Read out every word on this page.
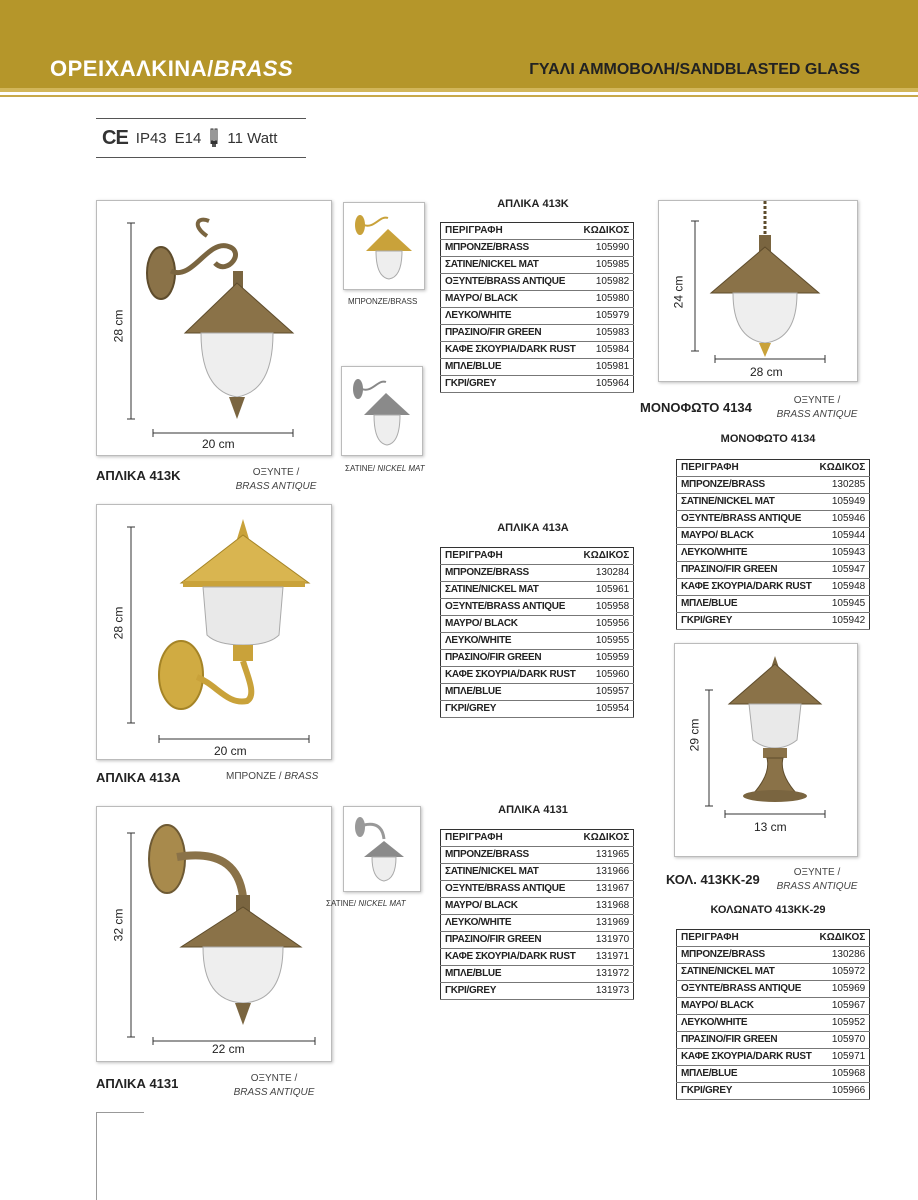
ΟΡΕΙΧΑΛΚΙΝΑ/BRASS	ΓΥΑΛΙ ΑΜΜΟΒΟΛΗ/SANDBLASTED GLASS
CE IP43 E14 11 Watt
28 cm
20 cm
ΜΠΡΟΝΖΕ/BRASS
ΣΑΤΙΝΕ/ NICKEL MAT
ΑΠΛΙΚΑ 413Κ	ΟΞΥΝΤΕ /
BRASS ANTIQUE
ΑΠΛΙΚΑ 413Κ
ΠΕΡΙΓΡΑΦΗ	ΚΩΔΙΚΟΣ
ΜΠΡΟΝΖΕ/BRASS	105990
ΣΑΤΙΝΕ/NICKEL MAT	105985
ΟΞΥΝΤΕ/BRASS ANTIQUE	105982
ΜΑΥΡΟ/ BLACK	105980
ΛΕΥΚΟ/WHITE	105979
ΠΡΑΣΙΝΟ/FIR GREEN	105983
ΚΑΦΕ ΣΚΟΥΡΙΑ/DARK RUST	105984
ΜΠΛΕ/BLUE	105981
ΓΚΡΙ/GREY	105964
28 cm
20 cm
ΑΠΛΙΚΑ 413Α	ΜΠΡΟΝΖΕ / BRASS
ΑΠΛΙΚΑ 413Α
ΠΕΡΙΓΡΑΦΗ	ΚΩΔΙΚΟΣ
ΜΠΡΟΝΖΕ/BRASS	130284
ΣΑΤΙΝΕ/NICKEL MAT	105961
ΟΞΥΝΤΕ/BRASS ANTIQUE	105958
ΜΑΥΡΟ/ BLACK	105956
ΛΕΥΚΟ/WHITE	105955
ΠΡΑΣΙΝΟ/FIR GREEN	105959
ΚΑΦΕ ΣΚΟΥΡΙΑ/DARK RUST	105960
ΜΠΛΕ/BLUE	105957
ΓΚΡΙ/GREY	105954
32 cm
22 cm
ΣΑΤΙΝΕ/ NICKEL MAT
ΑΠΛΙΚΑ 4131	ΟΞΥΝΤΕ /
BRASS ANTIQUE
ΑΠΛΙΚΑ 4131
ΠΕΡΙΓΡΑΦΗ	ΚΩΔΙΚΟΣ
ΜΠΡΟΝΖΕ/BRASS	131965
ΣΑΤΙΝΕ/NICKEL MAT	131966
ΟΞΥΝΤΕ/BRASS ANTIQUE	131967
ΜΑΥΡΟ/ BLACK	131968
ΛΕΥΚΟ/WHITE	131969
ΠΡΑΣΙΝΟ/FIR GREEN	131970
ΚΑΦΕ ΣΚΟΥΡΙΑ/DARK RUST	131971
ΜΠΛΕ/BLUE	131972
ΓΚΡΙ/GREY	131973
24 cm
28 cm
ΜΟΝΟΦΩΤΟ 4134	ΟΞΥΝΤΕ /
BRASS ANTIQUE
ΜΟΝΟΦΩΤΟ 4134
ΠΕΡΙΓΡΑΦΗ	ΚΩΔΙΚΟΣ
ΜΠΡΟΝΖΕ/BRASS	130285
ΣΑΤΙΝΕ/NICKEL MAT	105949
ΟΞΥΝΤΕ/BRASS ANTIQUE	105946
ΜΑΥΡΟ/ BLACK	105944
ΛΕΥΚΟ/WHITE	105943
ΠΡΑΣΙΝΟ/FIR GREEN	105947
ΚΑΦΕ ΣΚΟΥΡΙΑ/DARK RUST	105948
ΜΠΛΕ/BLUE	105945
ΓΚΡΙ/GREY	105942
29 cm
13 cm
ΚΟΛ. 413ΚΚ-29	ΟΞΥΝΤΕ /
BRASS ANTIQUE
ΚΟΛΩΝΑΤΟ 413ΚΚ-29
ΠΕΡΙΓΡΑΦΗ	ΚΩΔΙΚΟΣ
ΜΠΡΟΝΖΕ/BRASS	130286
ΣΑΤΙΝΕ/NICKEL MAT	105972
ΟΞΥΝΤΕ/BRASS ANTIQUE	105969
ΜΑΥΡΟ/ BLACK	105967
ΛΕΥΚΟ/WHITE	105952
ΠΡΑΣΙΝΟ/FIR GREEN	105970
ΚΑΦΕ ΣΚΟΥΡΙΑ/DARK RUST	105971
ΜΠΛΕ/BLUE	105968
ΓΚΡΙ/GREY	105966
